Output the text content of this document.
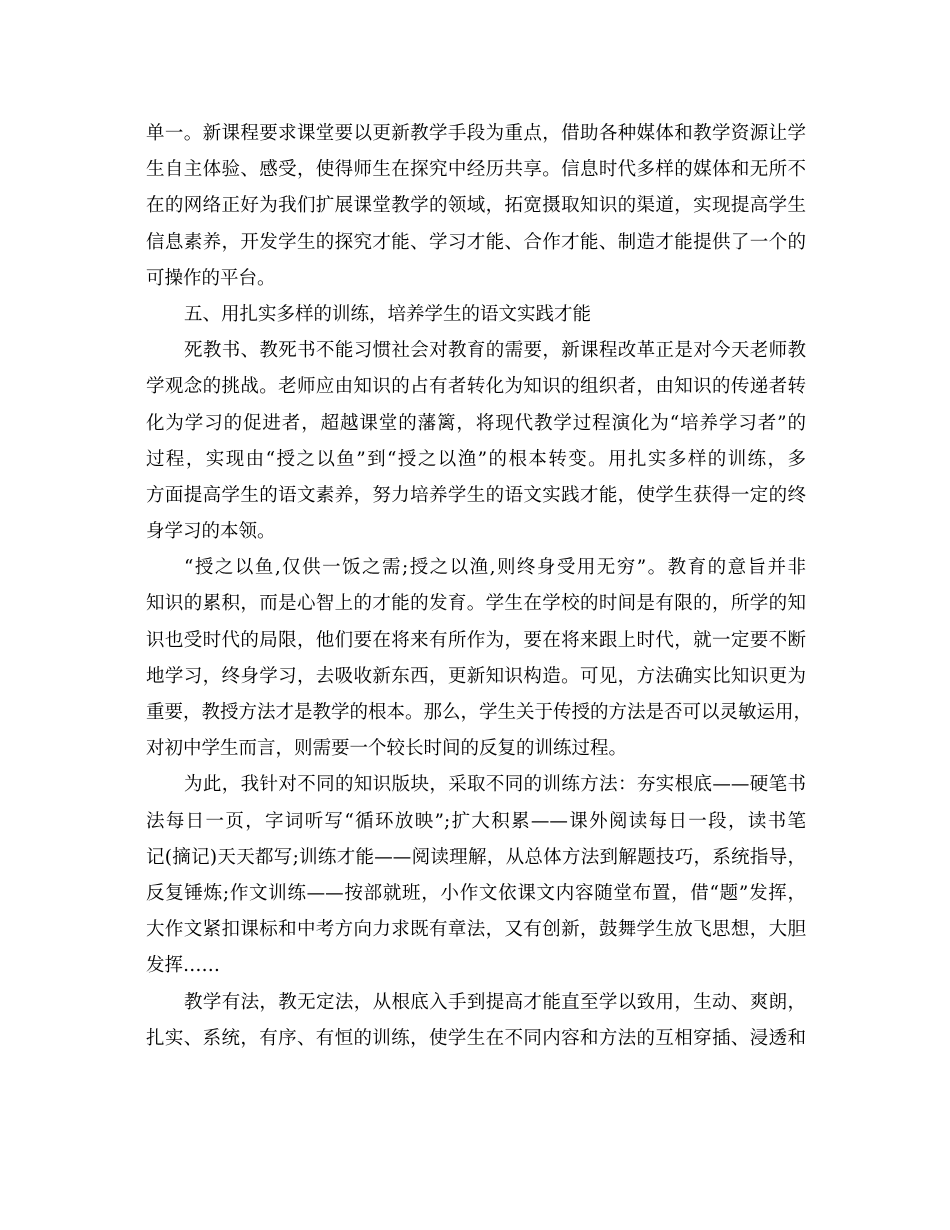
单一。新课程要求课堂要以更新教学手段为重点，借助各种媒体和教学资源让学
生自主体验、感受，使得师生在探究中经历共享。信息时代多样的媒体和无所不
在的网络正好为我们扩展课堂教学的领域，拓宽摄取知识的渠道，实现提高学生
信息素养，开发学生的探究才能、学习才能、合作才能、制造才能提供了一个的
可操作的平台。
五、用扎实多样的训练，培养学生的语文实践才能
死教书、教死书不能习惯社会对教育的需要，新课程改革正是对今天老师教
学观念的挑战。老师应由知识的占有者转化为知识的组织者，由知识的传递者转
化为学习的促进者，超越课堂的藩篱，将现代教学过程演化为“培养学习者”的
过程，实现由“授之以鱼”到“授之以渔”的根本转变。用扎实多样的训练，多
方面提高学生的语文素养，努力培养学生的语文实践才能，使学生获得一定的终
身学习的本领。
“授之以鱼,仅供一饭之需;授之以渔,则终身受用无穷”。教育的意旨并非
知识的累积，而是心智上的才能的发育。学生在学校的时间是有限的，所学的知
识也受时代的局限，他们要在将来有所作为，要在将来跟上时代，就一定要不断
地学习，终身学习，去吸收新东西，更新知识构造。可见，方法确实比知识更为
重要，教授方法才是教学的根本。那么，学生关于传授的方法是否可以灵敏运用，
对初中学生而言，则需要一个较长时间的反复的训练过程。
为此，我针对不同的知识版块，采取不同的训练方法：夯实根底——硬笔书
法每日一页，字词听写“循环放映”;扩大积累——课外阅读每日一段，读书笔
记(摘记)天天都写;训练才能——阅读理解，从总体方法到解题技巧，系统指导，
反复锤炼;作文训练——按部就班，小作文依课文内容随堂布置，借“题”发挥，
大作文紧扣课标和中考方向力求既有章法，又有创新，鼓舞学生放飞思想，大胆
发挥……
教学有法，教无定法，从根底入手到提高才能直至学以致用，生动、爽朗，
扎实、系统，有序、有恒的训练，使学生在不同内容和方法的互相穿插、浸透和
